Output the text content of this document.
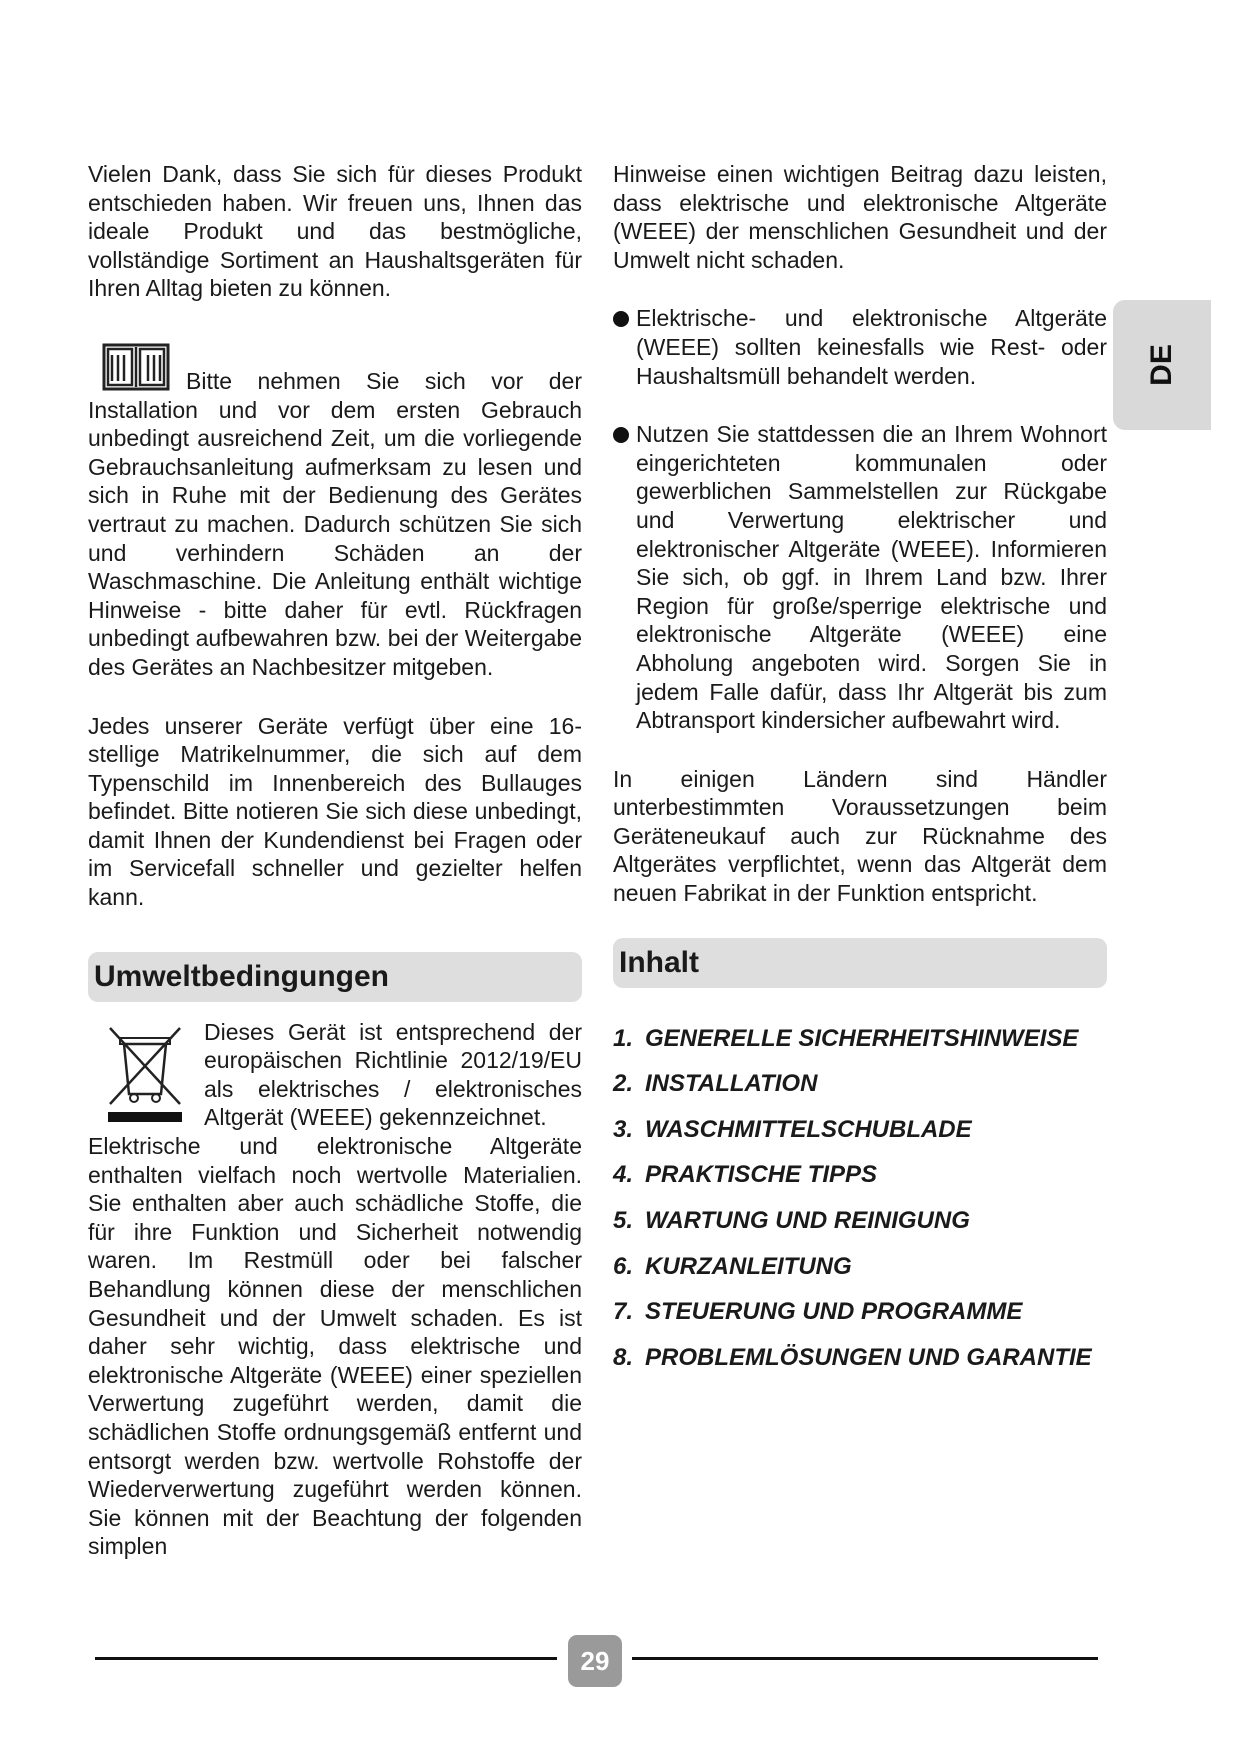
DE

Vielen Dank, dass Sie sich für dieses Produkt entschieden haben. Wir freuen uns, Ihnen das ideale Produkt und das bestmögliche, vollständige Sortiment an Haushaltsgeräten für Ihren Alltag bieten zu können.

Bitte nehmen Sie sich vor der Installation und vor dem ersten Gebrauch unbedingt ausreichend Zeit, um die vorliegende Gebrauchsanleitung aufmerksam zu lesen und sich in Ruhe mit der Bedienung des Gerätes vertraut zu machen. Dadurch schützen Sie sich und verhindern Schäden an der Waschmaschine. Die Anleitung enthält wichtige Hinweise - bitte daher für evtl. Rückfragen unbedingt aufbewahren bzw. bei der Weitergabe des Gerätes an Nachbesitzer mitgeben.

Jedes unserer Geräte verfügt über eine 16-stellige Matrikelnummer, die sich auf dem Typenschild im Innenbereich des Bullauges befindet. Bitte notieren Sie sich diese unbedingt, damit Ihnen der Kundendienst bei Fragen oder im Servicefall schneller und gezielter helfen kann.

Umweltbedingungen

Dieses Gerät ist entsprechend der europäischen Richtlinie 2012/19/EU als elektrisches / elektronisches Altgerät (WEEE) gekennzeichnet.

Elektrische und elektronische Altgeräte enthalten vielfach noch wertvolle Materialien. Sie enthalten aber auch schädliche Stoffe, die für ihre Funktion und Sicherheit notwendig waren. Im Restmüll oder bei falscher Behandlung können diese der menschlichen Gesundheit und der Umwelt schaden. Es ist daher sehr wichtig, dass elektrische und elektronische Altgeräte (WEEE) einer speziellen Verwertung zugeführt werden, damit die schädlichen Stoffe ordnungsgemäß entfernt und entsorgt werden bzw. wertvolle Rohstoffe der Wiederverwertung zugeführt werden können. Sie können mit der Beachtung der folgenden simplen

Hinweise einen wichtigen Beitrag dazu leisten, dass elektrische und elektronische Altgeräte (WEEE) der menschlichen Gesundheit und der Umwelt nicht schaden.

Elektrische- und elektronische Altgeräte (WEEE) sollten keinesfalls wie Rest- oder Haushaltsmüll behandelt werden.

Nutzen Sie stattdessen die an Ihrem Wohnort eingerichteten kommunalen oder gewerblichen Sammelstellen zur Rückgabe und Verwertung elektrischer und elektronischer Altgeräte (WEEE). Informieren Sie sich, ob ggf. in Ihrem Land bzw. Ihrer Region für große/sperrige elektrische und elektronische Altgeräte (WEEE) eine Abholung angeboten wird. Sorgen Sie in jedem Falle dafür, dass Ihr Altgerät bis zum Abtransport kindersicher aufbewahrt wird.

In einigen Ländern sind Händler unterbestimmten Voraussetzungen beim Geräteneukauf auch zur Rücknahme des Altgerätes verpflichtet, wenn das Altgerät dem neuen Fabrikat in der Funktion entspricht.

Inhalt
1. GENERELLE SICHERHEITSHINWEISE
2. INSTALLATION
3. WASCHMITTELSCHUBLADE
4. PRAKTISCHE TIPPS
5. WARTUNG UND REINIGUNG
6. KURZANLEITUNG
7. STEUERUNG UND PROGRAMME
8. PROBLEMLÖSUNGEN UND GARANTIE
29
